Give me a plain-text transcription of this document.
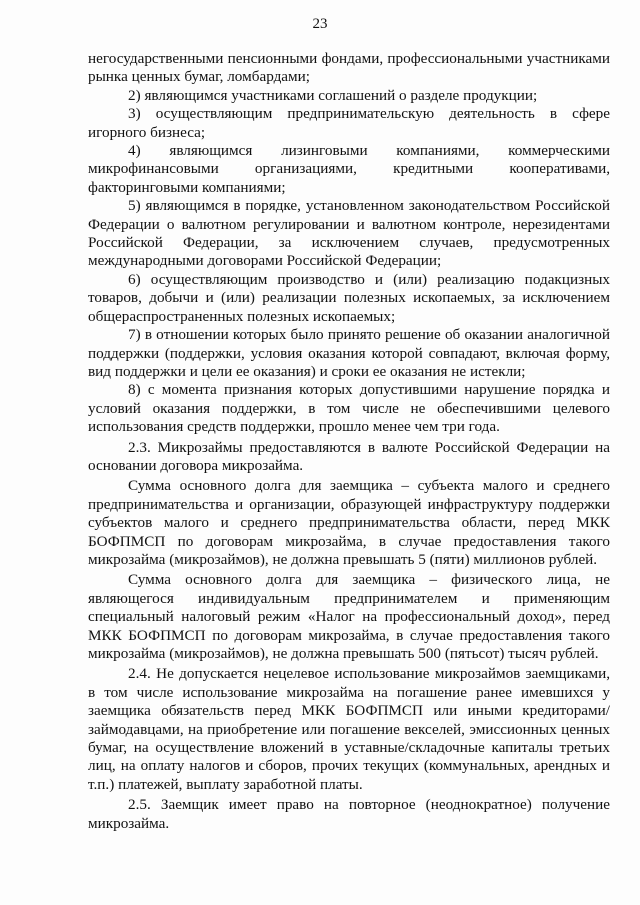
23

негосударственными пенсионными фондами, профессиональными участниками рынка ценных бумаг, ломбардами;

2) являющимся участниками соглашений о разделе продукции;

3) осуществляющим предпринимательскую деятельность в сфере игорного бизнеса;

4) являющимся лизинговыми компаниями, коммерческими микрофинансовыми организациями, кредитными кооперативами, факторинговыми компаниями;

5) являющимся в порядке, установленном законодательством Российской Федерации о валютном регулировании и валютном контроле, нерезидентами Российской Федерации, за исключением случаев, предусмотренных международными договорами Российской Федерации;

6) осуществляющим производство и (или) реализацию подакцизных товаров, добычи и (или) реализации полезных ископаемых, за исключением общераспространенных полезных ископаемых;

7) в отношении которых было принято решение об оказании аналогичной поддержки (поддержки, условия оказания которой совпадают, включая форму, вид поддержки и цели ее оказания) и сроки ее оказания не истекли;

8) с момента признания которых допустившими нарушение порядка и условий оказания поддержки, в том числе не обеспечившими целевого использования средств поддержки, прошло менее чем три года.

2.3. Микрозаймы предоставляются в валюте Российской Федерации на основании договора микрозайма.

Сумма основного долга для заемщика – субъекта малого и среднего предпринимательства и организации, образующей инфраструктуру поддержки субъектов малого и среднего предпринимательства области, перед МКК БОФПМСП по договорам микрозайма, в случае предоставления такого микрозайма (микрозаймов), не должна превышать 5 (пяти) миллионов рублей.

Сумма основного долга для заемщика – физического лица, не являющегося индивидуальным предпринимателем и применяющим специальный налоговый режим «Налог на профессиональный доход», перед МКК БОФПМСП по договорам микрозайма, в случае предоставления такого микрозайма (микрозаймов), не должна превышать 500 (пятьсот) тысяч рублей.

2.4. Не допускается нецелевое использование микрозаймов заемщиками, в том числе использование микрозайма на погашение ранее имевшихся у заемщика обязательств перед МКК БОФПМСП или иными кредиторами/займодавцами, на приобретение или погашение векселей, эмиссионных ценных бумаг, на осуществление вложений в уставные/складочные капиталы третьих лиц, на оплату налогов и сборов, прочих текущих (коммунальных, арендных и т.п.) платежей, выплату заработной платы.

2.5. Заемщик имеет право на повторное (неоднократное) получение микрозайма.
